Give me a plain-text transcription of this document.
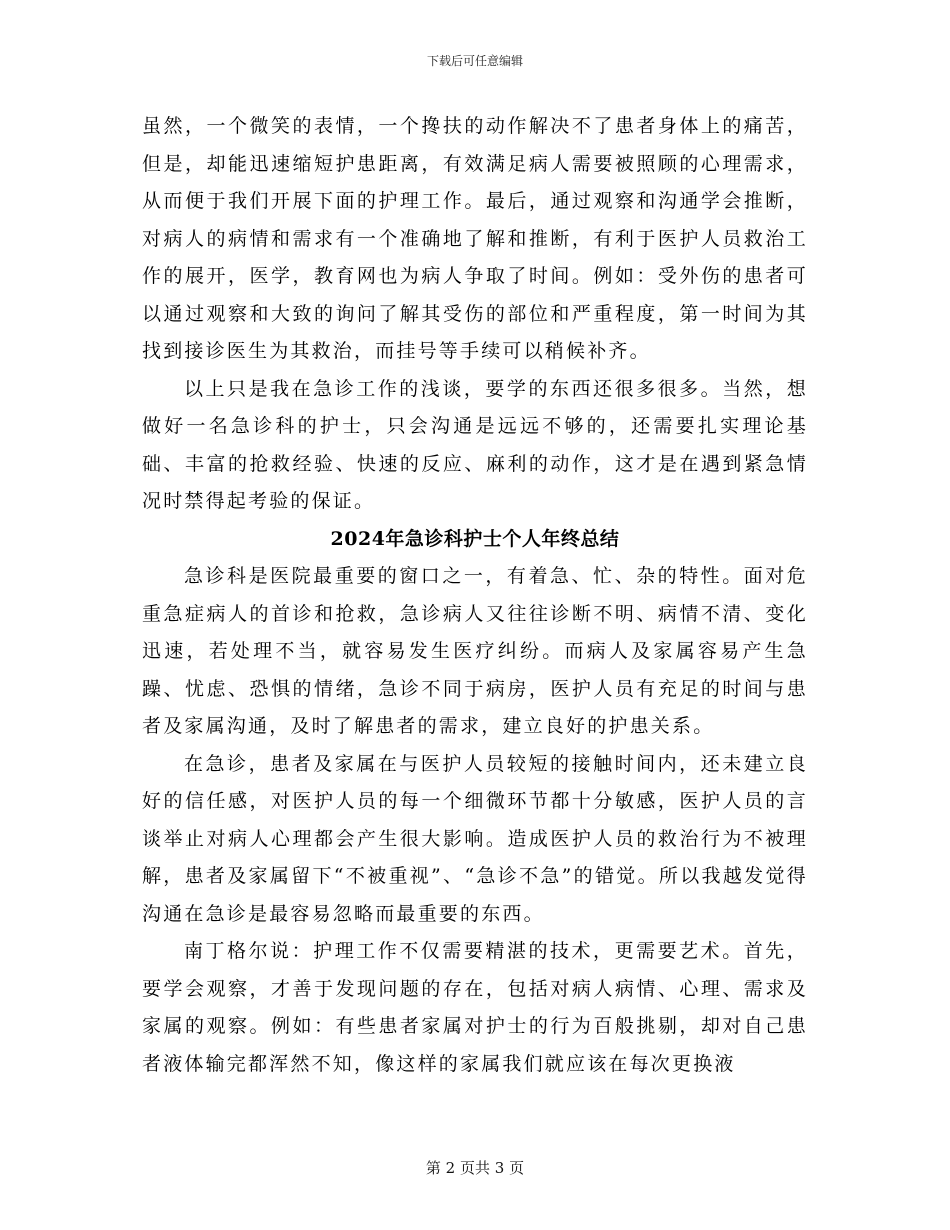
下载后可任意编辑

虽然，一个微笑的表情，一个搀扶的动作解决不了患者身体上的痛苦，但是，却能迅速缩短护患距离，有效满足病人需要被照顾的心理需求，从而便于我们开展下面的护理工作。最后，通过观察和沟通学会推断，对病人的病情和需求有一个准确地了解和推断，有利于医护人员救治工作的展开，医学，教育网也为病人争取了时间。例如：受外伤的患者可以通过观察和大致的询问了解其受伤的部位和严重程度，第一时间为其找到接诊医生为其救治，而挂号等手续可以稍候补齐。

以上只是我在急诊工作的浅谈，要学的东西还很多很多。当然，想做好一名急诊科的护士，只会沟通是远远不够的，还需要扎实理论基础、丰富的抢救经验、快速的反应、麻利的动作，这才是在遇到紧急情况时禁得起考验的保证。

2024年急诊科护士个人年终总结

急诊科是医院最重要的窗口之一，有着急、忙、杂的特性。面对危重急症病人的首诊和抢救，急诊病人又往往诊断不明、病情不清、变化迅速，若处理不当，就容易发生医疗纠纷。而病人及家属容易产生急躁、忧虑、恐惧的情绪，急诊不同于病房，医护人员有充足的时间与患者及家属沟通，及时了解患者的需求，建立良好的护患关系。

在急诊，患者及家属在与医护人员较短的接触时间内，还未建立良好的信任感，对医护人员的每一个细微环节都十分敏感，医护人员的言谈举止对病人心理都会产生很大影响。造成医护人员的救治行为不被理解，患者及家属留下“不被重视”、“急诊不急”的错觉。所以我越发觉得沟通在急诊是最容易忽略而最重要的东西。

南丁格尔说：护理工作不仅需要精湛的技术，更需要艺术。首先，要学会观察，才善于发现问题的存在，包括对病人病情、心理、需求及家属的观察。例如：有些患者家属对护士的行为百般挑剔，却对自己患者液体输完都浑然不知，像这样的家属我们就应该在每次更换液

第 2 页共 3 页
